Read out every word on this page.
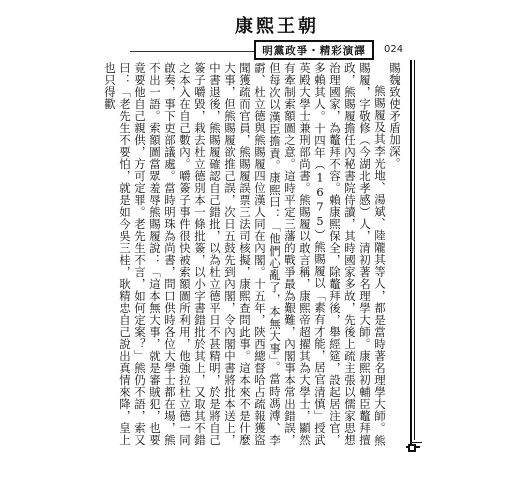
康熙王朝
明黨政爭・精彩演譯	024

賜魏致使矛盾加深。

熊賜履及其李光地、湯斌、陸隴其等人，都是當時著名理學大師。熊賜履，字敬修（今湖北孝感）人，清初著名理學大師。康熙初輔臣鼇拜擅政，熊賜履擔任內秘書院侍讀，其時國家多故，先後上疏主張以儒家思想治理國家，為鼇拜不容。賴康熙保全，除鼇拜後，舉經筵，設起居注官，多賴其人。十四年（1675）熊賜履以「素有才能，居官清慎」授武英殿大學士兼刑部尚書。熊賜履以敢言稱，康熙帝超擢其為大學士，顯然有牽制索額圖之意。這時平定三藩的戰爭最為艱難，內閣事本常出錯誤，但每次以漢臣擔責。康熙曰：「他們心亂了，本無大事」。當時馮溥、李霨、杜立德與熊賜履四位漢人同在內閣。十五年，陝西總督哈占疏報獲盜聞獲疏而官員，熊賜履誤票三法司核擬，康熙查問此事。這本來不是什麼大事，但熊賜履欲推己誤，次日五鼓先到內閣，令內閣中書將批本送上，中書退後，熊賜履確認自己錯批，以為杜立德平日不甚精明，於是將自己簽子嚼毀，栽去杜立德別本一條批簽，以小字書錯批於其上，又取其不錯之本入在自己數內。嚼簽子事件很快被索額圖所利用，他強拉杜立德一同啟奏，事下吏部議處。當時明珠為尚書，問口供時各位大學士都在場，熊不出一語。索額圖當眾羞辱熊賜履說：「這本無大事，就是審賊犯，也要竟要他自己親供，方可定罪。老先生不言，如何定案？」熊仍不語，索又曰：「老先生不要怕，就是如今吳三桂，耿精忠自己說出真情來降，皇上也只得歡
